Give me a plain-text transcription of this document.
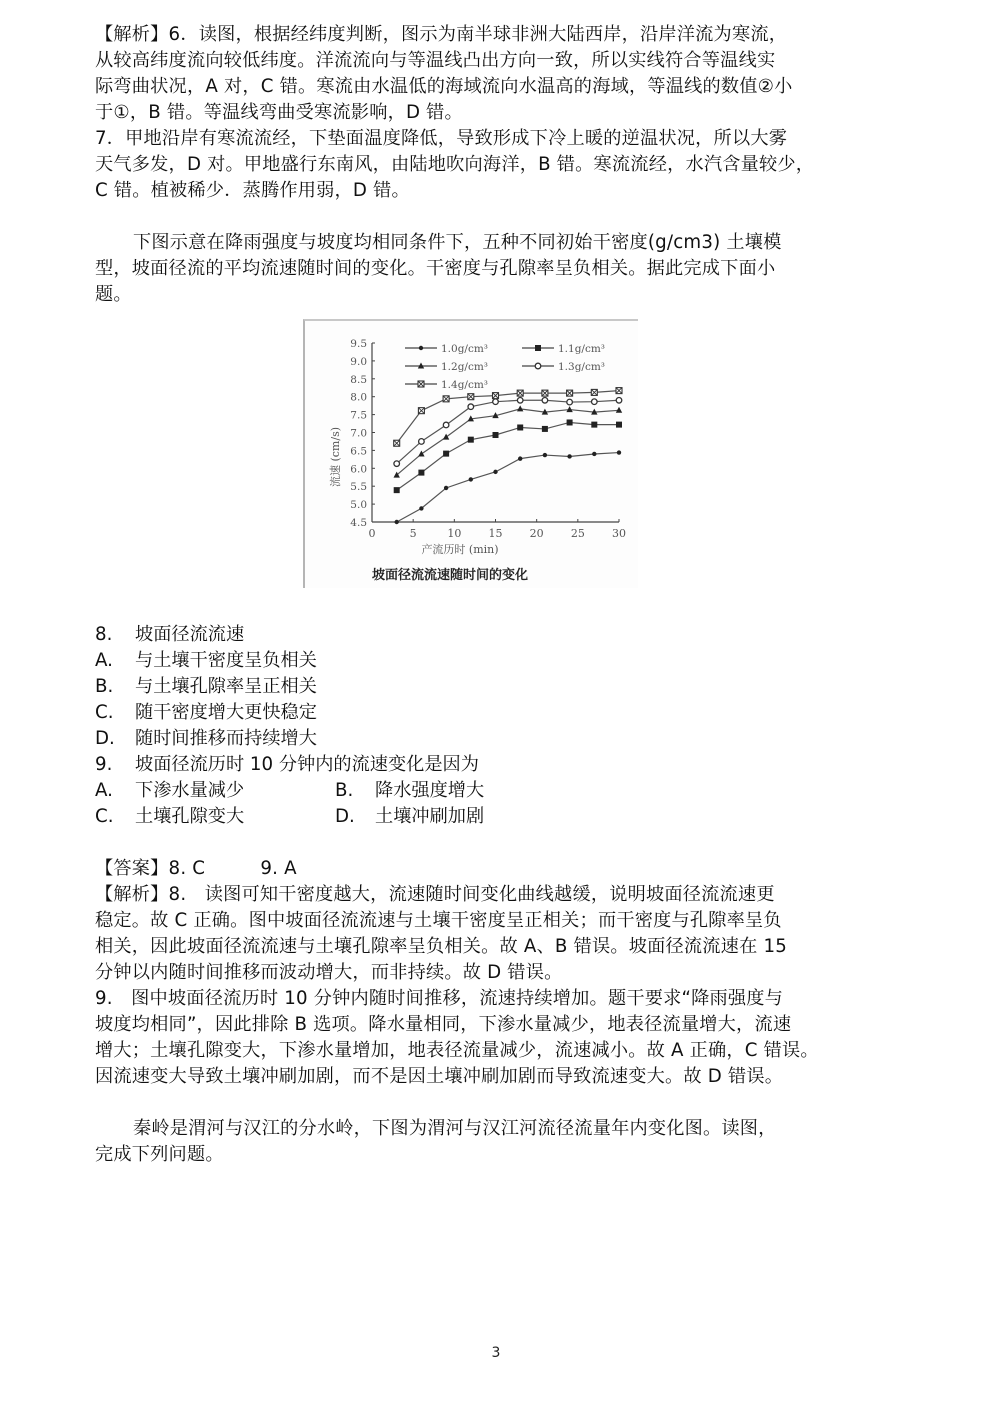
【解析】6．读图，根据经纬度判断，图示为南半球非洲大陆西岸，沿岸洋流为寒流，
从较高纬度流向较低纬度。洋流流向与等温线凸出方向一致，所以实线符合等温线实
际弯曲状况，A 对，C 错。寒流由水温低的海域流向水温高的海域，等温线的数值②小
于①，B 错。等温线弯曲受寒流影响，D 错。
7．甲地沿岸有寒流流经，下垫面温度降低，导致形成下冷上暖的逆温状况，所以大雾
天气多发，D 对。甲地盛行东南风，由陆地吹向海洋，B 错。寒流流经，水汽含量较少，
C 错。植被稀少．蒸腾作用弱，D 错。
下图示意在降雨强度与坡度均相同条件下，五种不同初始干密度(g/cm3) 土壤模
型，坡面径流的平均流速随时间的变化。干密度与孔隙率呈负相关。据此完成下面小
题。
4.5
5.0
5.5
6.0
6.5
7.0
7.5
8.0
8.5
9.0
9.5
0	5	10 15 20 25 30
1.0g/cm³	1.1g/cm³
1.2g/cm³	1.3g/cm³
1.4g/cm³
产流历时 (min)
流速 (cm/s)
坡面径流流速随时间的变化
8. 坡面径流流速
A. 与土壤干密度呈负相关
B. 与土壤孔隙率呈正相关
C. 随干密度增大更快稳定
D. 随时间推移而持续增大
9. 坡面径流历时 10 分钟内的流速变化是因为
A. 下渗水量减少	B. 降水强度增大
C. 土壤孔隙变大	D. 土壤冲刷加剧
【答案】8. C　　　9. A
【解析】8.　读图可知干密度越大，流速随时间变化曲线越缓，说明坡面径流流速更
稳定。故 C 正确。图中坡面径流流速与土壤干密度呈正相关；而干密度与孔隙率呈负
相关，因此坡面径流流速与土壤孔隙率呈负相关。故 A、B 错误。坡面径流流速在 15
分钟以内随时间推移而波动增大，而非持续。故 D 错误。
9.　图中坡面径流历时 10 分钟内随时间推移，流速持续增加。题干要求“降雨强度与
坡度均相同”，因此排除 B 选项。降水量相同，下渗水量减少，地表径流量增大，流速
增大；土壤孔隙变大，下渗水量增加，地表径流量减少，流速减小。故 A 正确，C 错误。
因流速变大导致土壤冲刷加剧，而不是因土壤冲刷加剧而导致流速变大。故 D 错误。
秦岭是渭河与汉江的分水岭，下图为渭河与汉江河流径流量年内变化图。读图，
完成下列问题。
3
